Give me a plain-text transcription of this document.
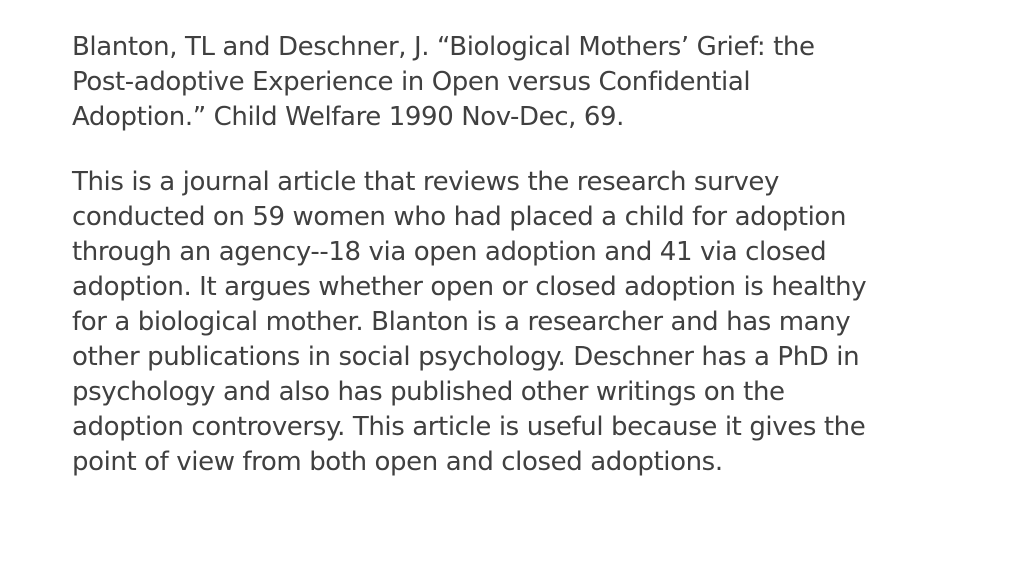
Blanton, TL and Deschner, J. “Biological Mothers’ Grief: the
Post-adoptive Experience in Open versus Confidential
Adoption.” Child Welfare 1990 Nov-Dec, 69.

This is a journal article that reviews the research survey
conducted on 59 women who had placed a child for adoption
through an agency--18 via open adoption and 41 via closed
adoption. It argues whether open or closed adoption is healthy
for a biological mother. Blanton is a researcher and has many
other publications in social psychology. Deschner has a PhD in
psychology and also has published other writings on the
adoption controversy. This article is useful because it gives the
point of view from both open and closed adoptions.
